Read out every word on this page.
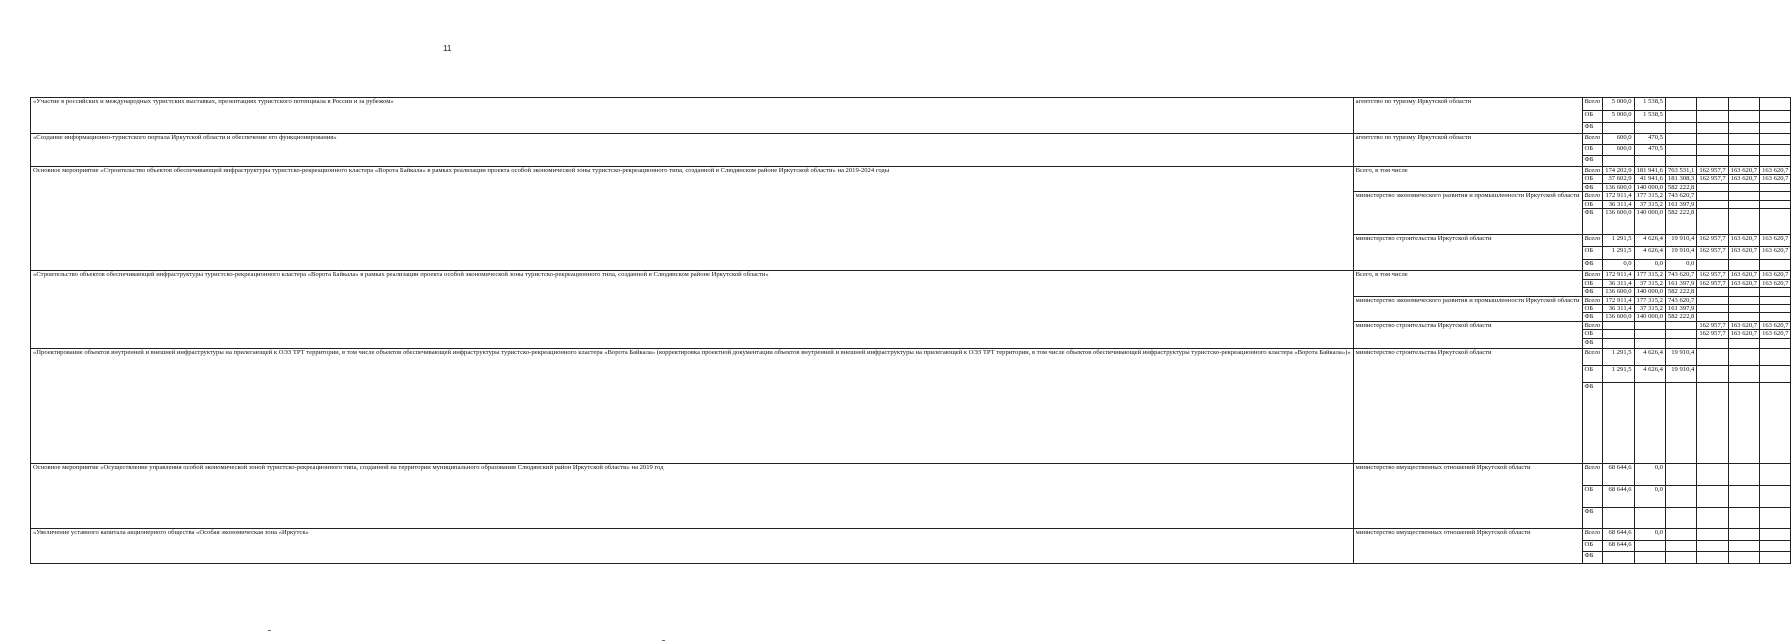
11
«Участие в российских и международных туристских выставках, презентациях туристского потенциала в России и за рубежом»	агентство по туризму Иркутской области	Всего	5 000,0	1 538,5				
		ОБ	5 000,0	1 538,5				
		ФБ						
«Создание информационно-туристского портала Иркутской области и обеспечение его функционирования»	агентство по туризму Иркутской области	Всего	600,0	470,5				
		ОБ	600,0	470,5				
		ФБ						
Основное мероприятие «Строительство объектов обеспечивающей инфраструктуры туристско-рекреационного кластера «Ворота Байкала» в рамках реализации проекта особой экономической зоны туристско-рекреационного типа, созданной в Слюдянском районе Иркутской области» на 2019-2024 годы	Всего, в том числе	Всего	174 202,9	181 941,6	763 531,1	162 957,7	163 620,7	163 620,7
		ОБ	37 602,9	41 941,6	181 308,3	162 957,7	163 620,7	163 620,7
		ФБ	136 600,0	140 000,0	582 222,8			
	министерство экономического развития и промышленности Иркутской области	Всего	172 911,4	177 315,2	743 620,7			
		ОБ	36 311,4	37 315,2	161 397,9			
		ФБ	136 600,0	140 000,0	582 222,8			
	министерство строительства Иркутской области	Всего	1 291,5	4 626,4	19 910,4	162 957,7	163 620,7	163 620,7
		ОБ	1 291,5	4 626,4	19 910,4	162 957,7	163 620,7	163 620,7
		ФБ	0,0	0,0	0,0			
«Строительство объектов обеспечивающей инфраструктуры туристско-рекреационного кластера «Ворота Байкала» в рамках реализации проекта особой экономической зоны туристско-рекреационного типа, созданной в Слюдянском районе Иркутской области»	Всего, в том числе	Всего	172 911,4	177 315,2	743 620,7	162 957,7	163 620,7	163 620,7
		ОБ	36 311,4	37 315,2	161 397,9	162 957,7	163 620,7	163 620,7
		ФБ	136 600,0	140 000,0	582 222,8			
	министерство экономического развития и промышленности Иркутской области	Всего	172 911,4	177 315,2	743 620,7			
		ОБ	36 311,4	37 315,2	161 397,9			
		ФБ	136 600,0	140 000,0	582 222,8			
	министерство строительства Иркутской области	Всего				162 957,7	163 620,7	163 620,7
		ОБ				162 957,7	163 620,7	163 620,7
		ФБ						
«Проектирование объектов внутренней и внешней инфраструктуры на прилегающей к ОЭЗ ТРТ территории, в том числе объектов обеспечивающей инфраструктуры туристско-рекреационного кластера «Ворота Байкала» (корректировка проектной документации объектов внутренней и внешней инфраструктуры на прилегающей к ОЭЗ ТРТ территории, в том числе объектов обеспечивающей инфраструктуры туристско-рекреационного кластера «Ворота Байкала»)»	министерство строительства Иркутской области	Всего	1 291,5	4 626,4	19 910,4			
		ОБ	1 291,5	4 626,4	19 910,4			
		ФБ						
Основное мероприятие «Осуществление управления особой экономической зоной туристско-рекреационного типа, созданной на территории муниципального образования Слюдянский район Иркутской области» на 2019 год	министерство имущественных отношений Иркутской области	Всего	68 644,6	0,0				
		ОБ	68 644,6	0,0				
		ФБ						
«Увеличение уставного капитала акционерного общества «Особая экономическая зона «Иркутск»	министерство имущественных отношений Иркутской области	Всего	68 644,6	0,0				
		ОБ	68 644,6					
		ФБ						
